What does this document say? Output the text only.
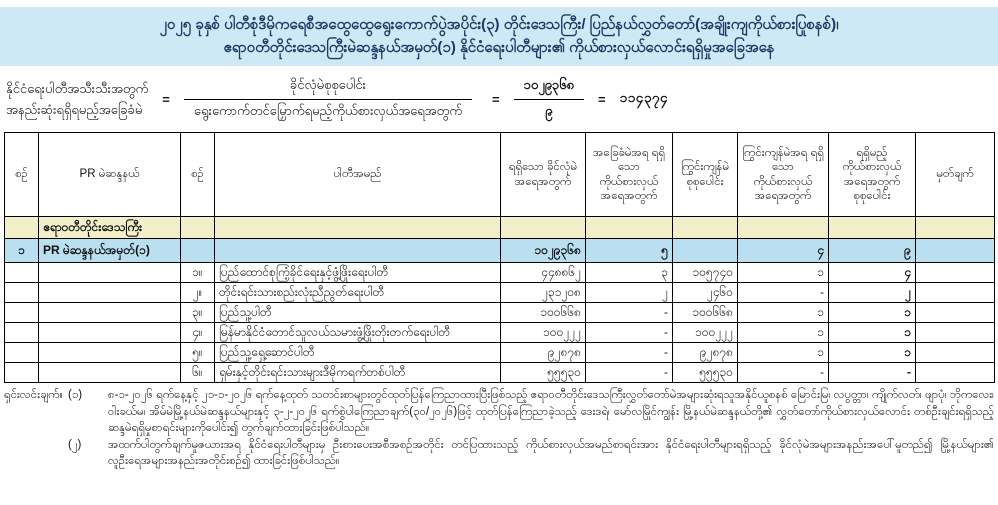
၂၀၂၅ ခုနှစ် ပါတီစုံဒီမိုကရေစီအထွေထွေရွေးကောက်ပွဲအပိုင်း(၃) တိုင်းဒေသကြီး/ ပြည်နယ်လွှတ်တော်(အချိုးကျကိုယ်စားပြုစနစ်)၊
ဧရာဝတီတိုင်းဒေသကြီးမဲဆန္ဒနယ်အမှတ်(၁) နိုင်ငံရေးပါတီများ၏ ကိုယ်စားလှယ်လောင်းရရှိမှုအခြေအနေ
နိုင်ငံရေးပါတီအသီးသီးအတွက်
အနည်းဆုံးရရှိရမည့်အခြေခံမဲ
=	$\frac{\text{ခိုင်လုံမဲစုစုပေါင်း}}{\text{ရွေးကောက်တင်မြှောက်ရမည့်ကိုယ်စားလှယ်အရေအတွက်}}$	=	$\frac{၁၀၂၉၃၆၈}{၉}$	=	၁၁၄၃၇၄
စဉ်	PR မဲဆန္ဒနယ်	စဉ်	ပါတီအမည်	ရရှိသော ခိုင်လုံမဲ အရေအတွက်	အခြေခံမဲအရ ရရှိသော ကိုယ်စားလှယ် အရေအတွက်	ကြွင်းကျန်မဲ စုစုပေါင်း	ကြွင်းကျန်မဲအရ ရရှိသော ကိုယ်စားလှယ် အရေအတွက်	ရရှိမည့် ကိုယ်စားလှယ် အရေအတွက် စုစုပေါင်း	မှတ်ချက်
	ဧရာဝတီတိုင်းဒေသကြီး								
၁	PR မဲဆန္ဒနယ်အမှတ်(၁)			၁၀၂၉၃၆၈	၅		၄	၉	
		၁။	ပြည်ထောင်စုကြံ့ခိုင်ရေးနှင့်ဖွံ့ဖြိုးရေးပါတီ	၄၄၈၈၆၂	၃	၁၀၅၇၄၀	၁	၄	
		၂။	တိုင်းရင်းသားစည်းလုံးညီညွတ်ရေးပါတီ	၂၃၁၂၀၈	၂	၂၄၆၀	-	၂	
		၃။	ပြည်သူ့ပါတီ	၁၀၀၆၆၈	-	၁၀၀၆၆၈	၁	၁	
		၄။	မြန်မာနိုင်ငံတောင်သူလယ်သမားဖွံ့ဖြိုးတိုးတက်ရေးပါတီ	၁၀၀၂၂၂	-	၁၀၀၂၂၂	၁	၁	
		၅။	ပြည်သူ့ရှေ့ဆောင်ပါတီ	၉၂၈၇၈	-	၉၂၈၇၈	၁	၁	
		၆။	ရှမ်းနှင့်တိုင်းရင်းသားများဒီမိုကရက်တစ်ပါတီ	၅၅၅၃၀	-	၅၅၅၃၀	-	-	
ရှင်းလင်းချက်။ (၁)	၈-၁-၂၀၂၆ ရက်နေ့နှင့် ၂၁-၁-၂၀၂၆ ရက်နေ့ထုတ် သတင်းစာများတွင်ထုတ်ပြန်ကြေညာထားပြီးဖြစ်သည့် ဧရာဝတီတိုင်းဒေသကြီးလွှတ်တော်မဲအများဆုံးရသူအနိုင်ယူစနစ် မြောင်းမြ၊ လပွတ္တာ၊ ကျိုက်လတ်၊ ဖျာပုံ၊ ဘိုကလေး၊ ဝါးခယ်မ၊ အိမ်မဲမြို့နယ်မဲဆန္ဒနယ်များနှင့် ၃-၂-၂၀၂၆ ရက်စွဲပါကြေညာချက်(၃၀/၂၀၂၆)ဖြင့် ထုတ်ပြန်ကြေညာခဲ့သည့် ဒေးဒရဲ၊ မော်လမြိုင်ကျွန်း မြို့နယ်မဲဆန္ဒနယ်တို့၏ လွှတ်တော်ကိုယ်စားလှယ်လောင်း တစ်ဦးချင်းရရှိသည့် ဆန္ဒမဲရရှိမှုစာရင်းများကိုပေါင်း၍ တွက်ချက်ထားခြင်းဖြစ်ပါသည်။
(၂)	အထက်ပါတွက်ချက်မှုဇယားအရ နိုင်ငံရေးပါတီများမှ ဦးစားပေးအစီအစဉ်အတိုင်း တင်ပြထားသည့် ကိုယ်စားလှယ်အမည်စာရင်းအား နိုင်ငံရေးပါတီများရရှိသည့် ခိုင်လုံမဲအများအနည်းအပေါ်မူတည်၍ မြို့နယ်များ၏ လူဦးရေအများအနည်းအတိုင်းစဉ်၍ ထားခြင်းဖြစ်ပါသည်။
